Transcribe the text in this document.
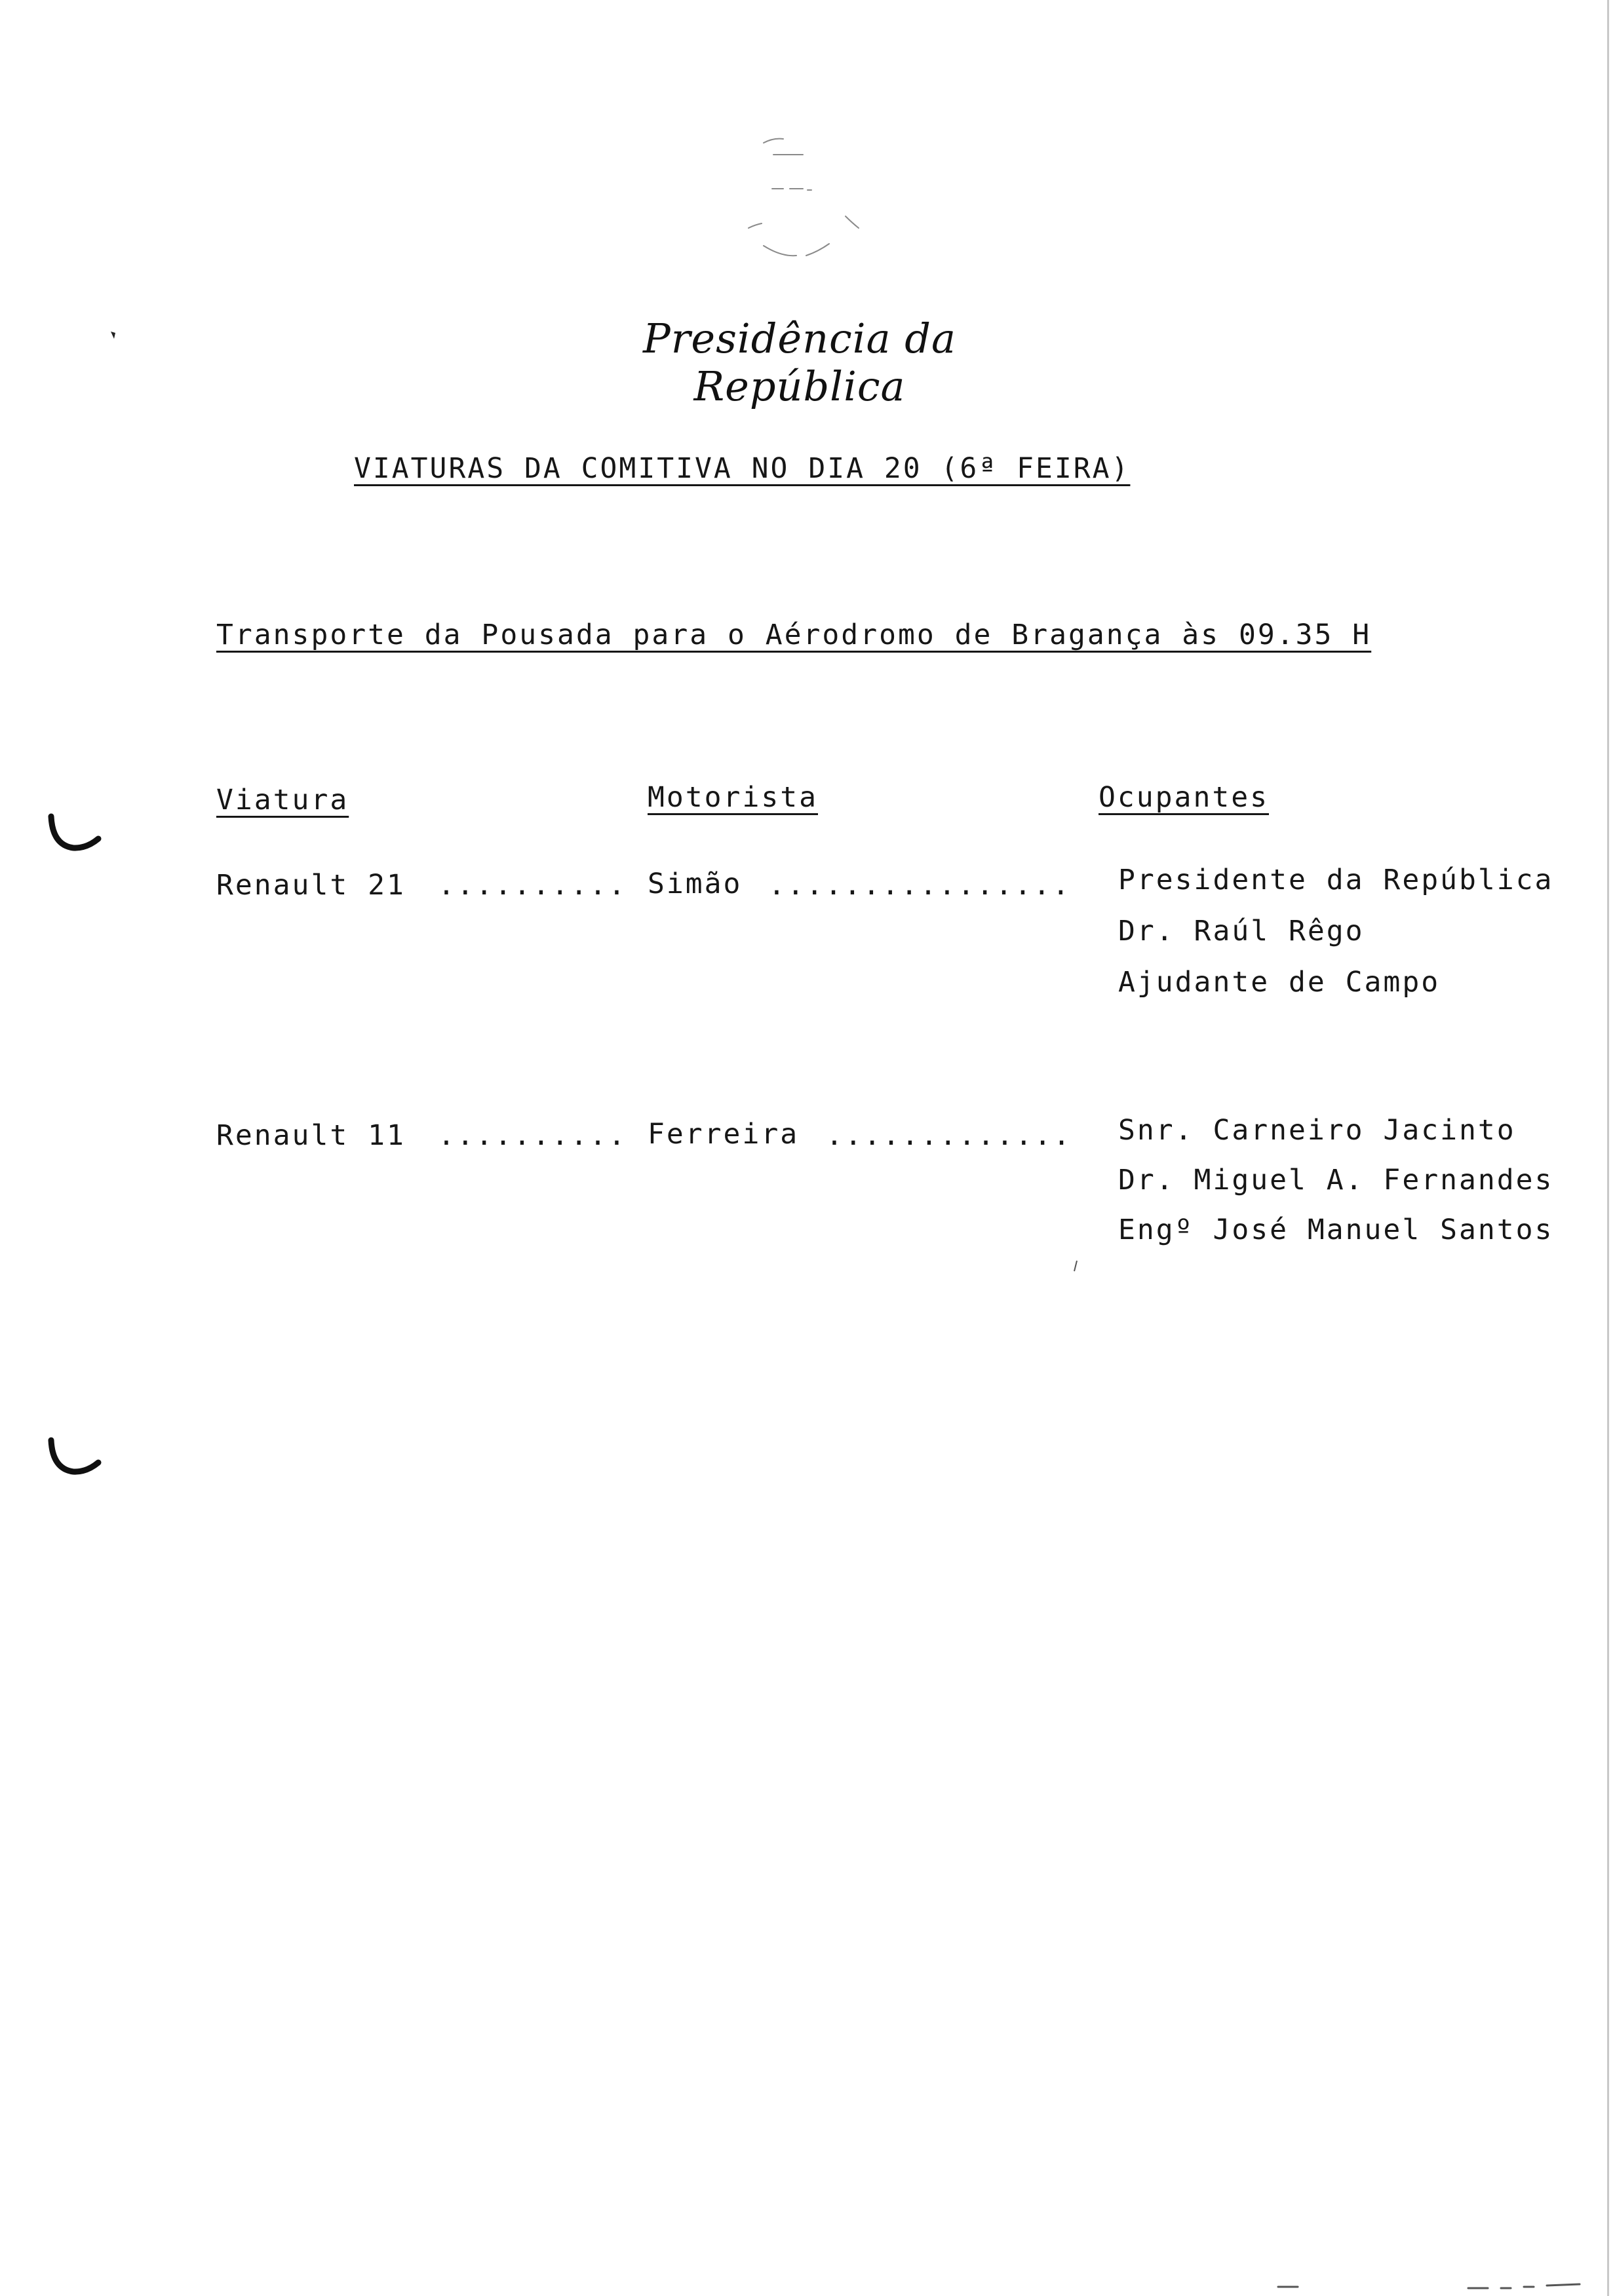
Presidência da República
VIATURAS DA COMITIVA NO DIA 20 (6ª FEIRA)
Transporte da Pousada para o Aérodromo de Bragança às 09.35 H
Viatura	Motorista	Ocupantes
Renault 21 .......... Simão ................ Presidente da República
Dr. Raúl Rêgo
Ajudante de Campo
Renault 11 .......... Ferreira ............. Snr. Carneiro Jacinto
Dr. Miguel A. Fernandes
Engº José Manuel Santos
